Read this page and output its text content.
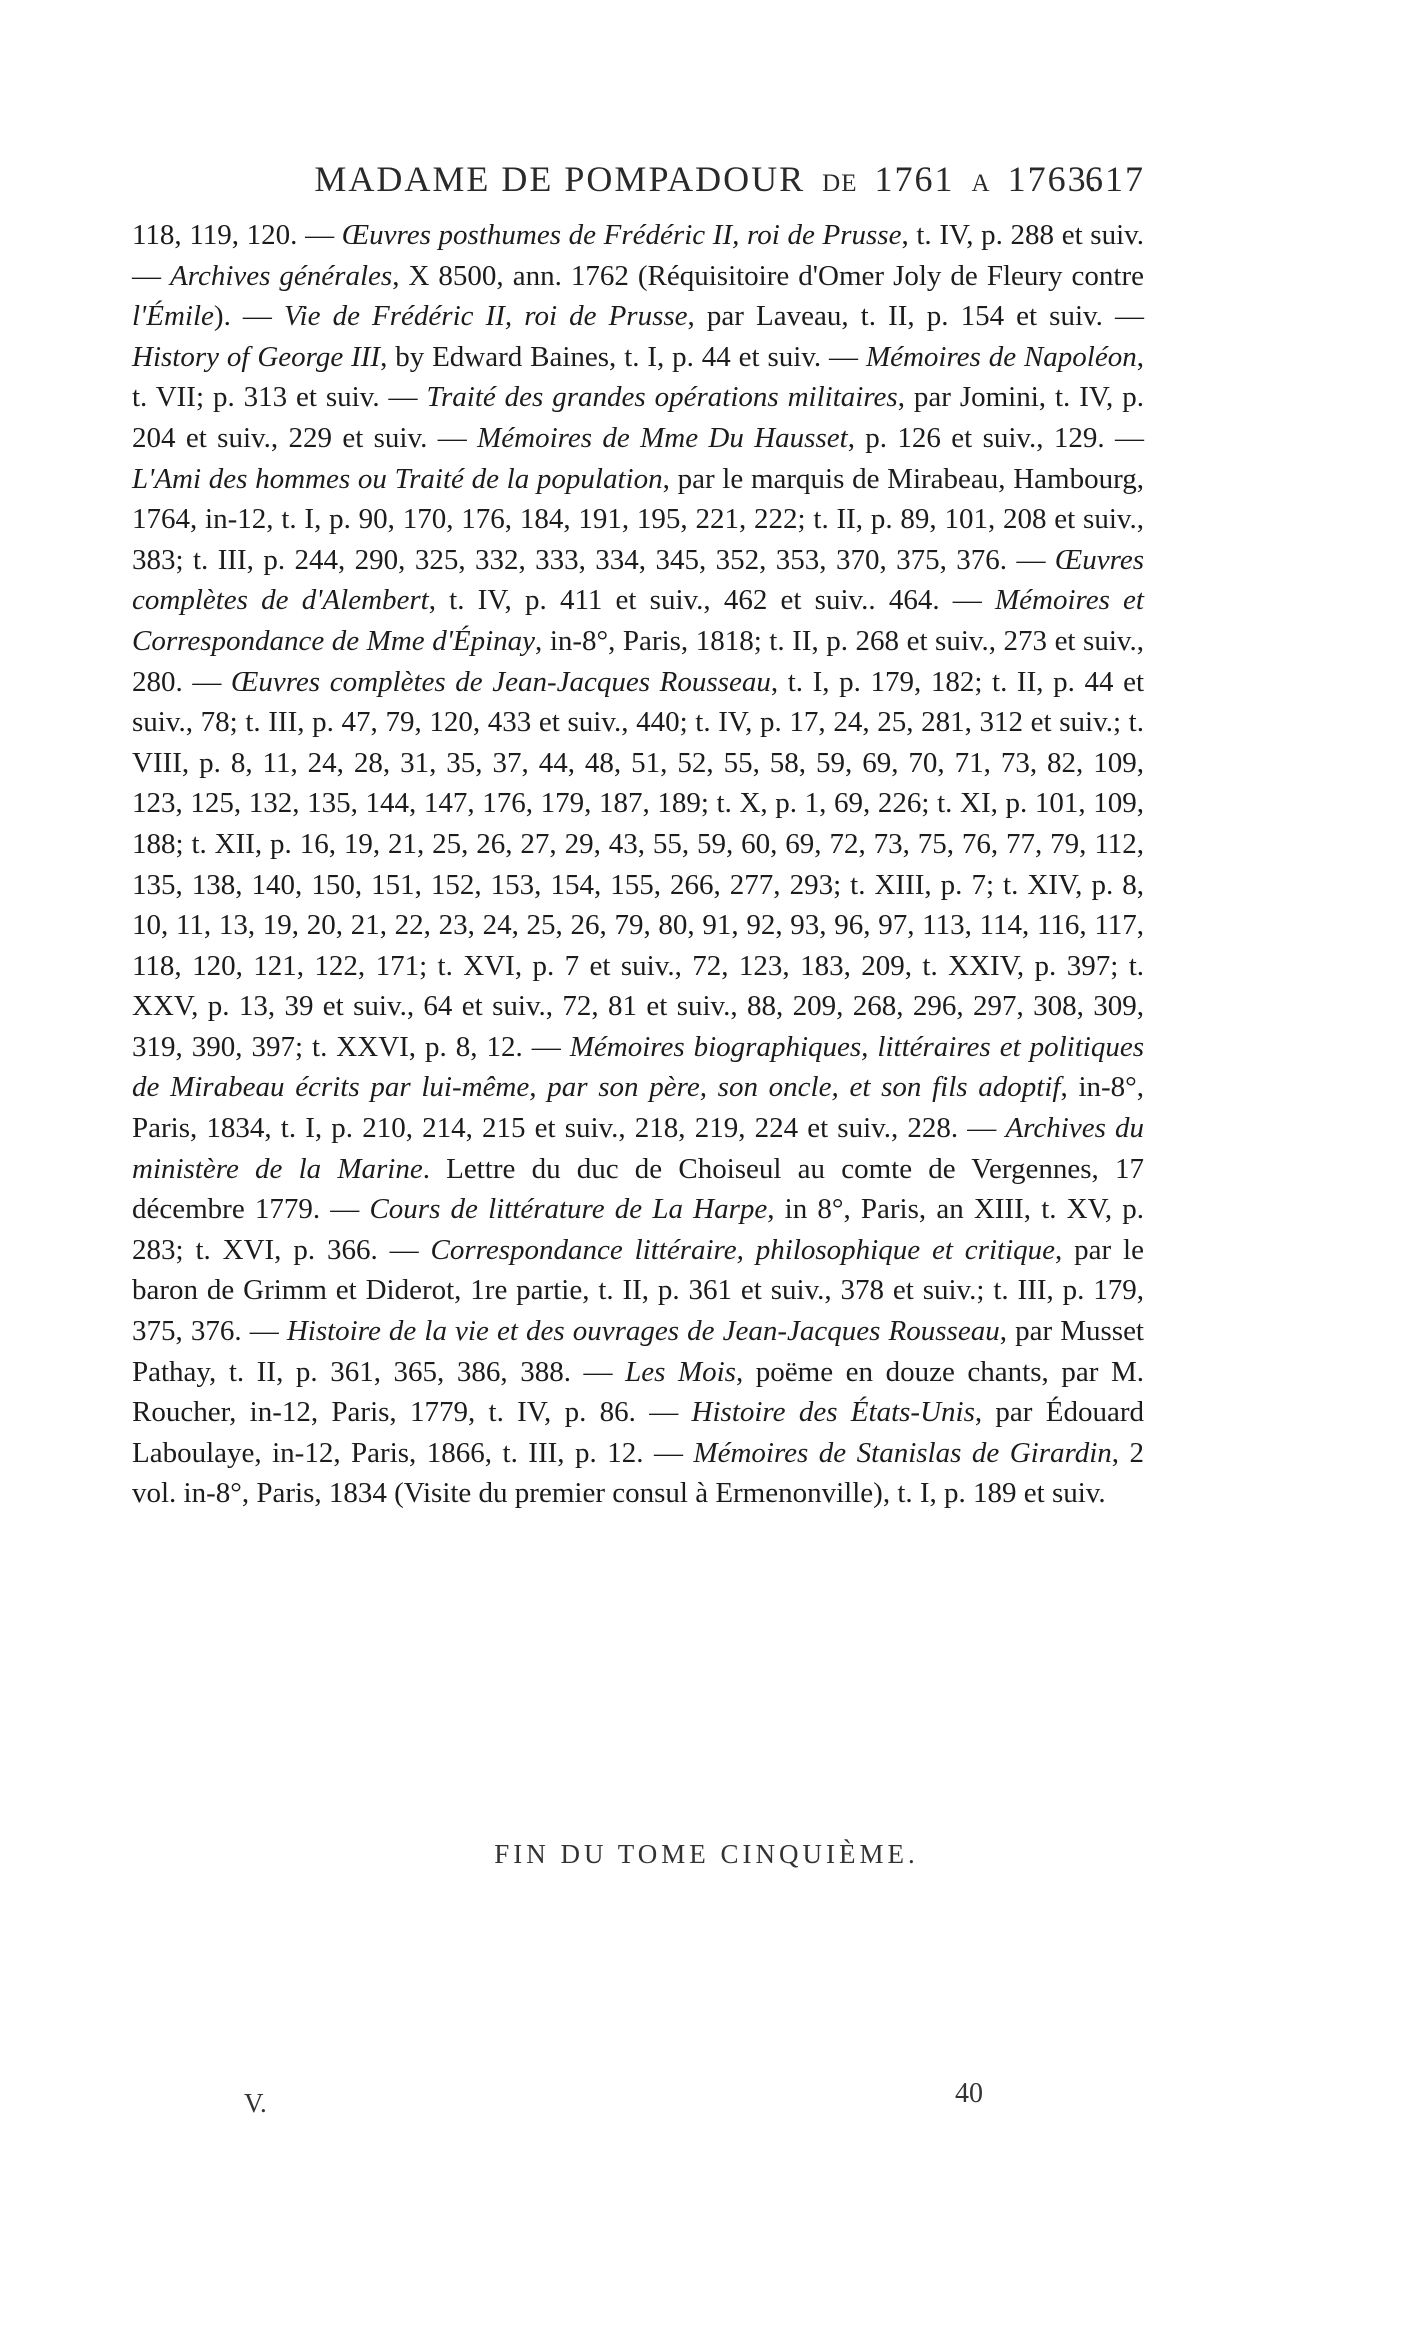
MADAME DE POMPADOUR DE 1761 A 1763.
617

118, 119, 120. — Œuvres posthumes de Frédéric II, roi de Prusse, t. IV, p. 288 et suiv. — Archives générales, X 8500, ann. 1762 (Réquisitoire d'Omer Joly de Fleury contre l'Émile). — Vie de Frédéric II, roi de Prusse, par Laveau, t. II, p. 154 et suiv. — History of George III, by Edward Baines, t. I, p. 44 et suiv. — Mémoires de Napoléon, t. VII; p. 313 et suiv. — Traité des grandes opérations militaires, par Jomini, t. IV, p. 204 et suiv., 229 et suiv. — Mémoires de Mme Du Hausset, p. 126 et suiv., 129. — L'Ami des hommes ou Traité de la population, par le marquis de Mirabeau, Hambourg, 1764, in-12, t. I, p. 90, 170, 176, 184, 191, 195, 221, 222; t. II, p. 89, 101, 208 et suiv., 383; t. III, p. 244, 290, 325, 332, 333, 334, 345, 352, 353, 370, 375, 376. — Œuvres complètes de d'Alembert, t. IV, p. 411 et suiv., 462 et suiv.. 464. — Mémoires et Correspondance de Mme d'Épinay, in-8°, Paris, 1818; t. II, p. 268 et suiv., 273 et suiv., 280. — Œuvres complètes de Jean-Jacques Rousseau, t. I, p. 179, 182; t. II, p. 44 et suiv., 78; t. III, p. 47, 79, 120, 433 et suiv., 440; t. IV, p. 17, 24, 25, 281, 312 et suiv.; t. VIII, p. 8, 11, 24, 28, 31, 35, 37, 44, 48, 51, 52, 55, 58, 59, 69, 70, 71, 73, 82, 109, 123, 125, 132, 135, 144, 147, 176, 179, 187, 189; t. X, p. 1, 69, 226; t. XI, p. 101, 109, 188; t. XII, p. 16, 19, 21, 25, 26, 27, 29, 43, 55, 59, 60, 69, 72, 73, 75, 76, 77, 79, 112, 135, 138, 140, 150, 151, 152, 153, 154, 155, 266, 277, 293; t. XIII, p. 7; t. XIV, p. 8, 10, 11, 13, 19, 20, 21, 22, 23, 24, 25, 26, 79, 80, 91, 92, 93, 96, 97, 113, 114, 116, 117, 118, 120, 121, 122, 171; t. XVI, p. 7 et suiv., 72, 123, 183, 209, t. XXIV, p. 397; t. XXV, p. 13, 39 et suiv., 64 et suiv., 72, 81 et suiv., 88, 209, 268, 296, 297, 308, 309, 319, 390, 397; t. XXVI, p. 8, 12. — Mémoires biographiques, littéraires et politiques de Mirabeau écrits par lui-même, par son père, son oncle, et son fils adoptif, in-8°, Paris, 1834, t. I, p. 210, 214, 215 et suiv., 218, 219, 224 et suiv., 228. — Archives du ministère de la Marine. Lettre du duc de Choiseul au comte de Vergennes, 17 décembre 1779. — Cours de littérature de La Harpe, in 8°, Paris, an XIII, t. XV, p. 283; t. XVI, p. 366. — Correspondance littéraire, philosophique et critique, par le baron de Grimm et Diderot, 1re partie, t. II, p. 361 et suiv., 378 et suiv.; t. III, p. 179, 375, 376. — Histoire de la vie et des ouvrages de Jean-Jacques Rousseau, par Musset Pathay, t. II, p. 361, 365, 386, 388. — Les Mois, poëme en douze chants, par M. Roucher, in-12, Paris, 1779, t. IV, p. 86. — Histoire des États-Unis, par Édouard Laboulaye, in-12, Paris, 1866, t. III, p. 12. — Mémoires de Stanislas de Girardin, 2 vol. in-8°, Paris, 1834 (Visite du premier consul à Ermenonville), t. I, p. 189 et suiv.

FIN DU TOME CINQUIÈME.
V.	40
